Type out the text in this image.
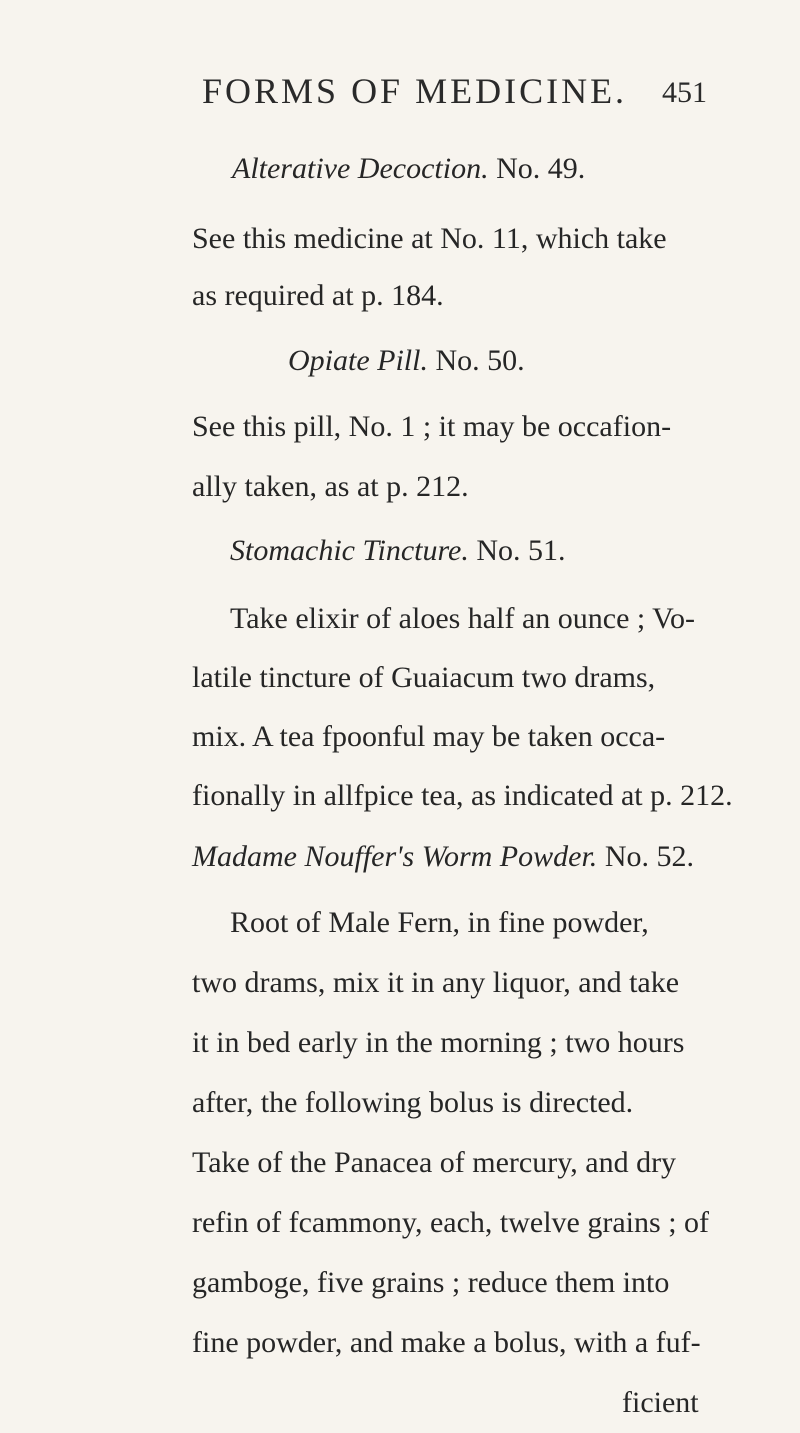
FORMS OF MEDICINE. 451
Alterative Decoction. No. 49.
See this medicine at No. 11, which take
as required at p. 184.
Opiate Pill. No. 50.
See this pill, No. 1 ; it may be occafion-
ally taken, as at p. 212.
Stomachic Tincture. No. 51.
Take elixir of aloes half an ounce ; Vo-
latile tincture of Guaiacum two drams,
mix. A tea fpoonful may be taken occa-
fionally in allfpice tea, as indicated at p. 212.
Madame Nouffer's Worm Powder. No. 52.
Root of Male Fern, in fine powder,
two drams, mix it in any liquor, and take
it in bed early in the morning ; two hours
after, the following bolus is directed.
Take of the Panacea of mercury, and dry
refin of fcammony, each, twelve grains ; of
gamboge, five grains ; reduce them into
fine powder, and make a bolus, with a fuf-
ficient
